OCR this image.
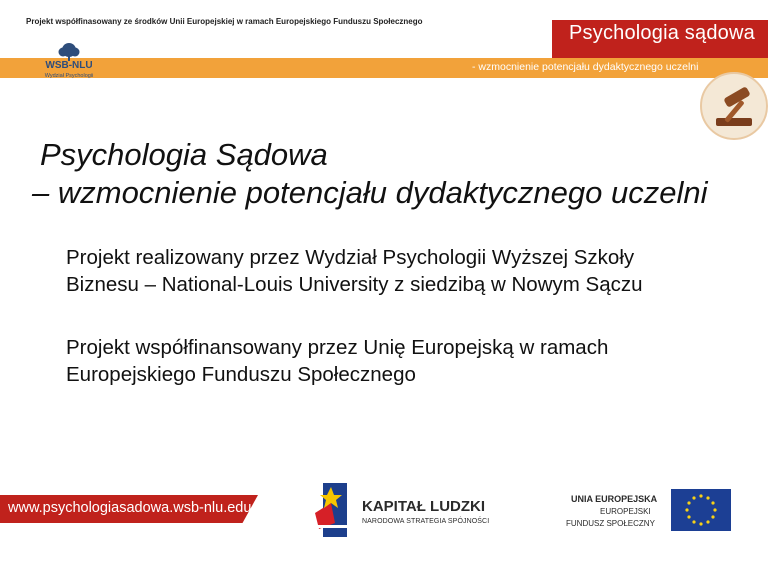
Projekt współfinasowany ze środków Unii Europejskiej w ramach Europejskiego Funduszu Społecznego
Psychologia sądowa
- wzmocnienie potencjału dydaktycznego uczelni
WSB-NLU
Wydział Psychologii
Psychologia Sądowa
– wzmocnienie potencjału dydaktycznego uczelni
Projekt realizowany przez Wydział Psychologii Wyższej Szkoły
Biznesu – National-Louis University z siedzibą w Nowym Sączu
Projekt współfinansowany przez Unię Europejską w ramach
Europejskiego Funduszu Społecznego
www.psychologiasadowa.wsb-nlu.edu.pl	KAPITAŁ LUDZKI
NARODOWA STRATEGIA SPÓJNOŚCI
UNIA EUROPEJSKA
EUROPEJSKI
FUNDUSZ SPOŁECZNY
